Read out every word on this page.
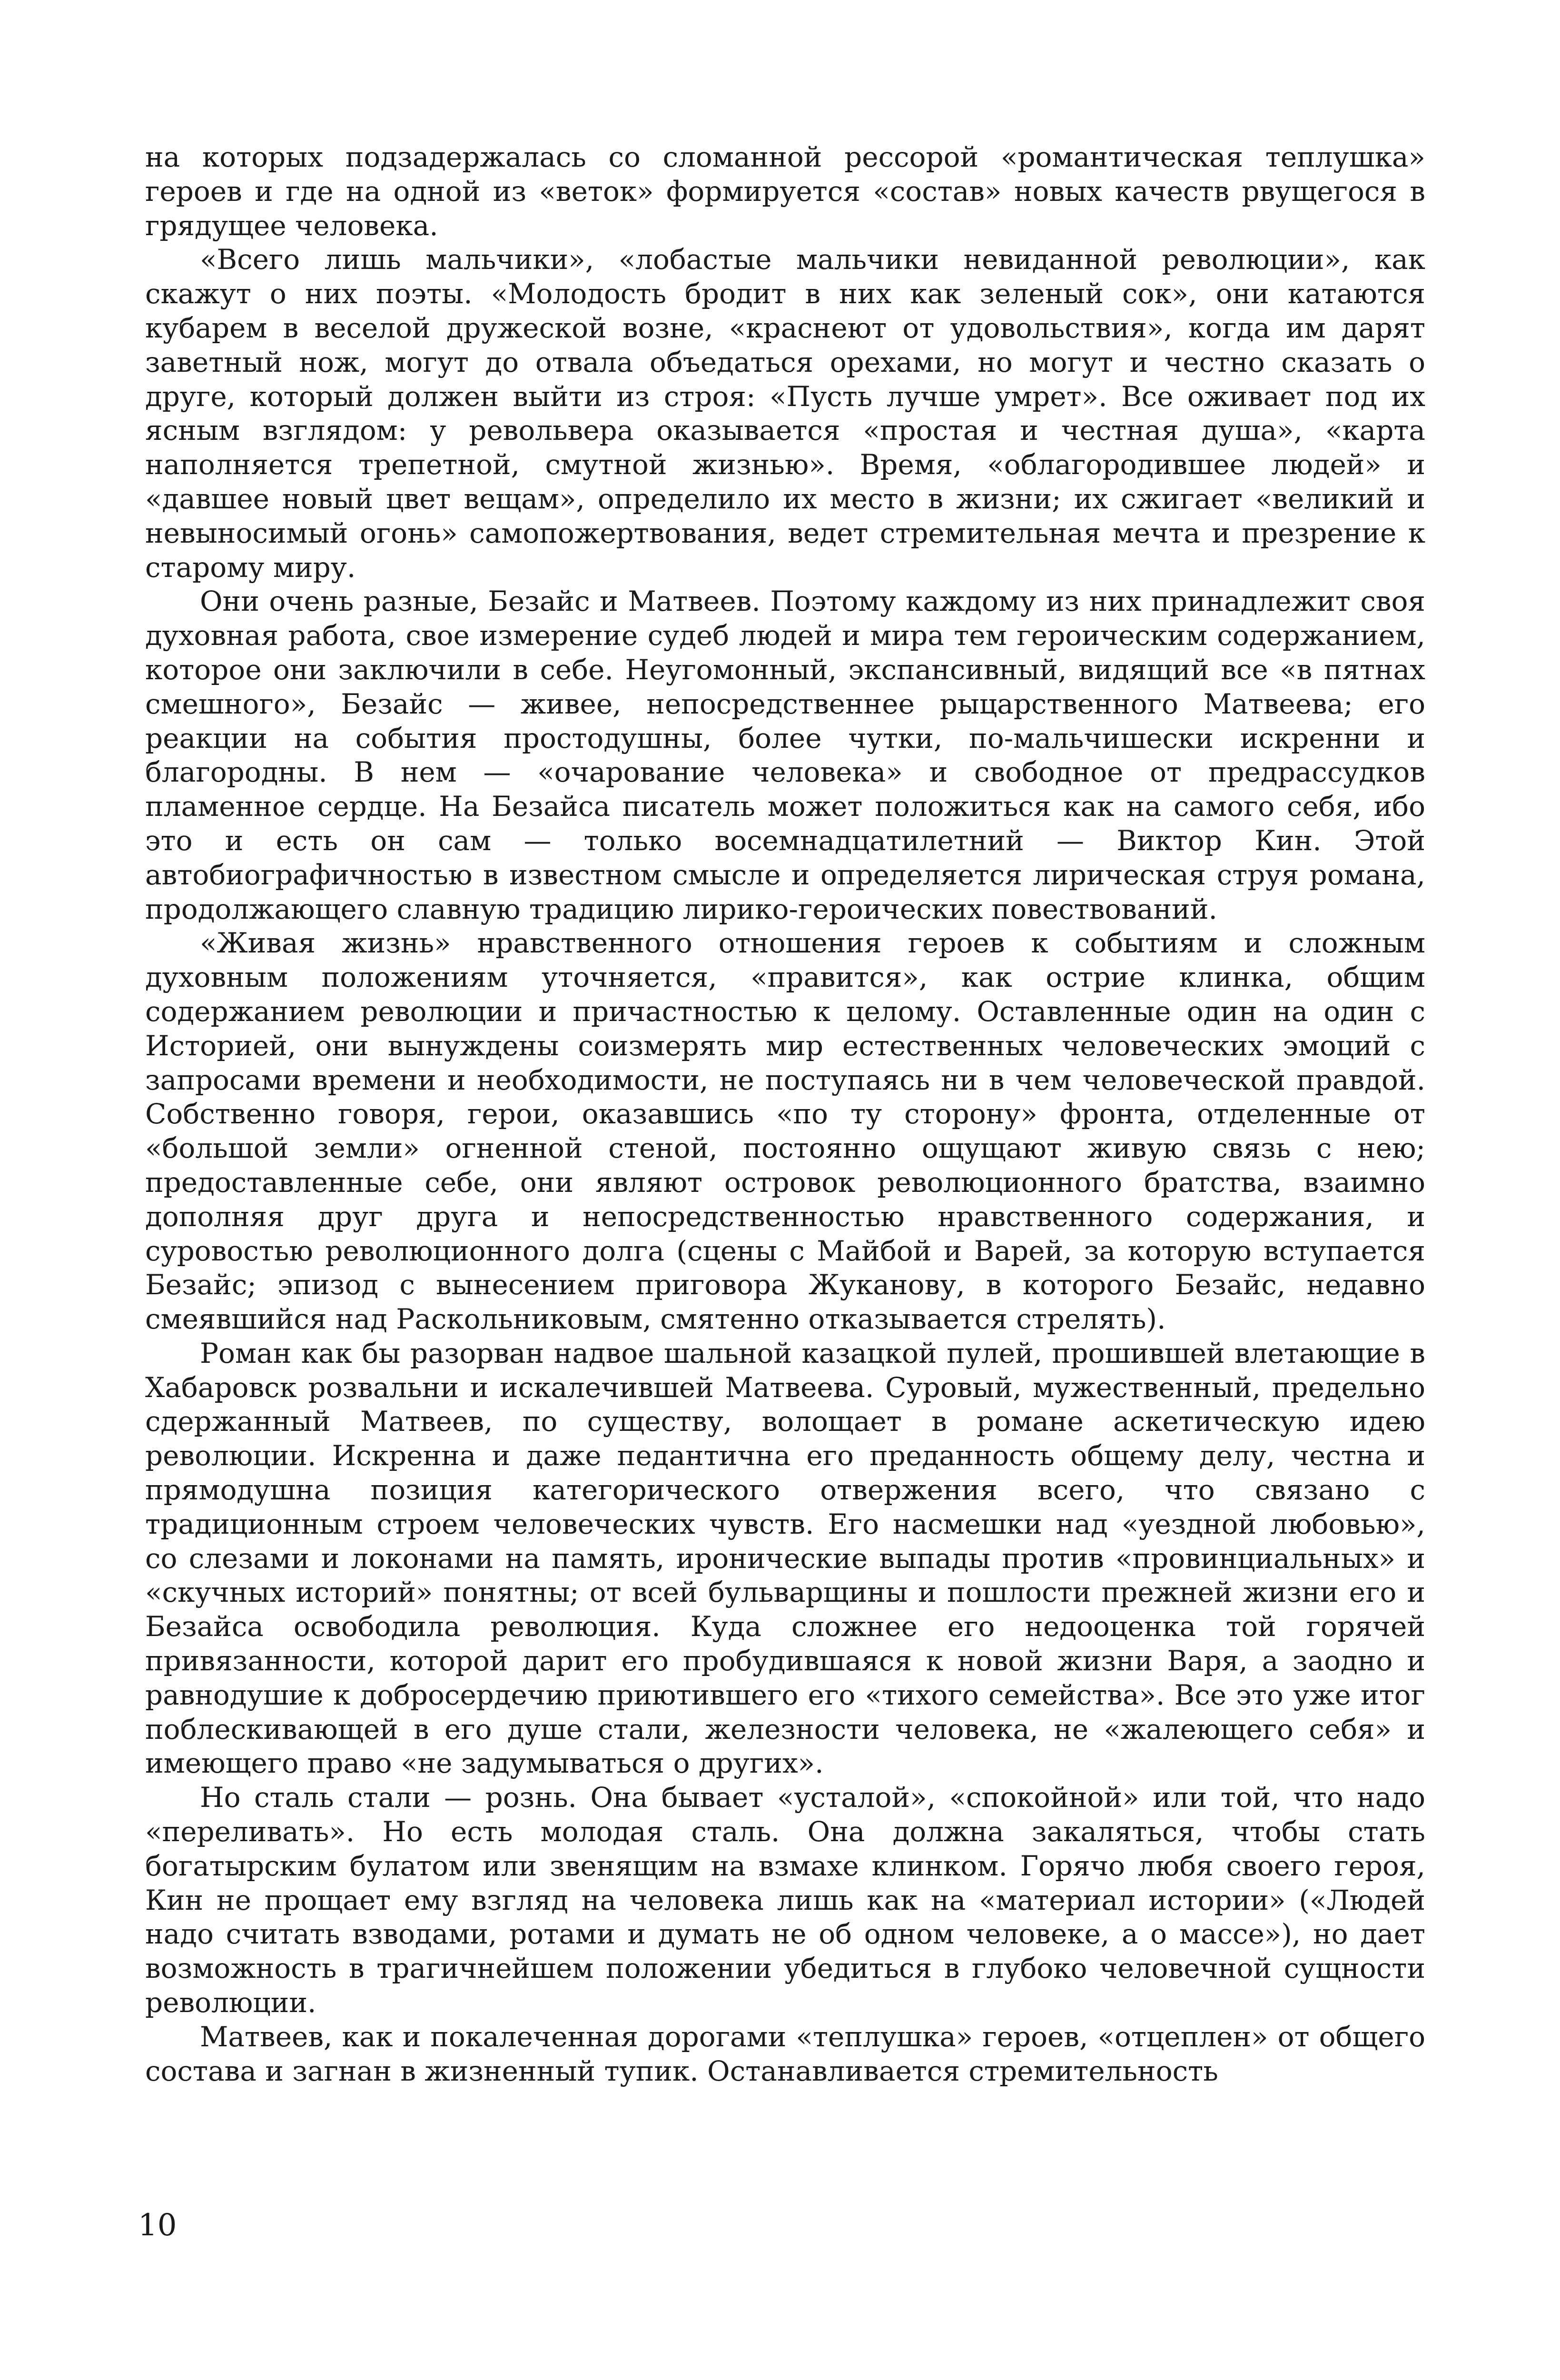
на которых подзадержалась со сломанной рессорой «романтическая теплушка» героев и где на одной из «веток» формируется «состав» новых качеств рвущегося в грядущее человека.

«Всего лишь мальчики», «лобастые мальчики невиданной революции», как скажут о них поэты. «Молодость бродит в них как зеленый сок», они катаются кубарем в веселой дружеской возне, «краснеют от удовольствия», когда им дарят заветный нож, могут до отвала объедаться орехами, но могут и честно сказать о друге, который должен выйти из строя: «Пусть лучше умрет». Все оживает под их ясным взглядом: у револьвера оказывается «простая и честная душа», «карта наполняется трепетной, смутной жизнью». Время, «облагородившее людей» и «давшее новый цвет вещам», определило их место в жизни; их сжигает «великий и невыносимый огонь» самопожертвования, ведет стремительная мечта и презрение к старому миру.

Они очень разные, Безайс и Матвеев. Поэтому каждому из них принадлежит своя духовная работа, свое измерение судеб людей и мира тем героическим содержанием, которое они заключили в себе. Неугомонный, экспансивный, видящий все «в пятнах смешного», Безайс — живее, непосредственнее рыцарственного Матвеева; его реакции на события простодушны, более чутки, по-мальчишески искренни и благородны. В нем — «очарование человека» и свободное от предрассудков пламенное сердце. На Безайса писатель может положиться как на самого себя, ибо это и есть он сам — только восемнадцатилетний — Виктор Кин. Этой автобиографичностью в известном смысле и определяется лирическая струя романа, продолжающего славную традицию лирико-героических повествований.

«Живая жизнь» нравственного отношения героев к событиям и сложным духовным положениям уточняется, «правится», как острие клинка, общим содержанием революции и причастностью к целому. Оставленные один на один с Историей, они вынуждены соизмерять мир естественных человеческих эмоций с запросами времени и необходимости, не поступаясь ни в чем человеческой правдой. Собственно говоря, герои, оказавшись «по ту сторону» фронта, отделенные от «большой земли» огненной стеной, постоянно ощущают живую связь с нею; предоставленные себе, они являют островок революционного братства, взаимно дополняя друг друга и непосредственностью нравственного содержания, и суровостью революционного долга (сцены с Майбой и Варей, за которую вступается Безайс; эпизод с вынесением приговора Жуканову, в которого Безайс, недавно смеявшийся над Раскольниковым, смятенно отказывается стрелять).

Роман как бы разорван надвое шальной казацкой пулей, прошившей влетающие в Хабаровск розвальни и искалечившей Матвеева. Суровый, мужественный, предельно сдержанный Матвеев, по существу, волощает в романе аскетическую идею революции. Искренна и даже педантична его преданность общему делу, честна и прямодушна позиция категорического отвержения всего, что связано с традиционным строем человеческих чувств. Его насмешки над «уездной любовью», со слезами и локонами на память, иронические выпады против «провинциальных» и «скучных историй» понятны; от всей бульварщины и пошлости прежней жизни его и Безайса освободила революция. Куда сложнее его недооценка той горячей привязанности, которой дарит его пробудившаяся к новой жизни Варя, а заодно и равнодушие к добросердечию приютившего его «тихого семейства». Все это уже итог поблескивающей в его душе стали, железности человека, не «жалеющего себя» и имеющего право «не задумываться о других».

Но сталь стали — рознь. Она бывает «усталой», «спокойной» или той, что надо «переливать». Но есть молодая сталь. Она должна закаляться, чтобы стать богатырским булатом или звенящим на взмахе клинком. Горячо любя своего героя, Кин не прощает ему взгляд на человека лишь как на «материал истории» («Людей надо считать взводами, ротами и думать не об одном человеке, а о массе»), но дает возможность в трагичнейшем положении убедиться в глубоко человечной сущности революции.

Матвеев, как и покалеченная дорогами «теплушка» героев, «отцеплен» от общего состава и загнан в жизненный тупик. Останавливается стремительность

10
